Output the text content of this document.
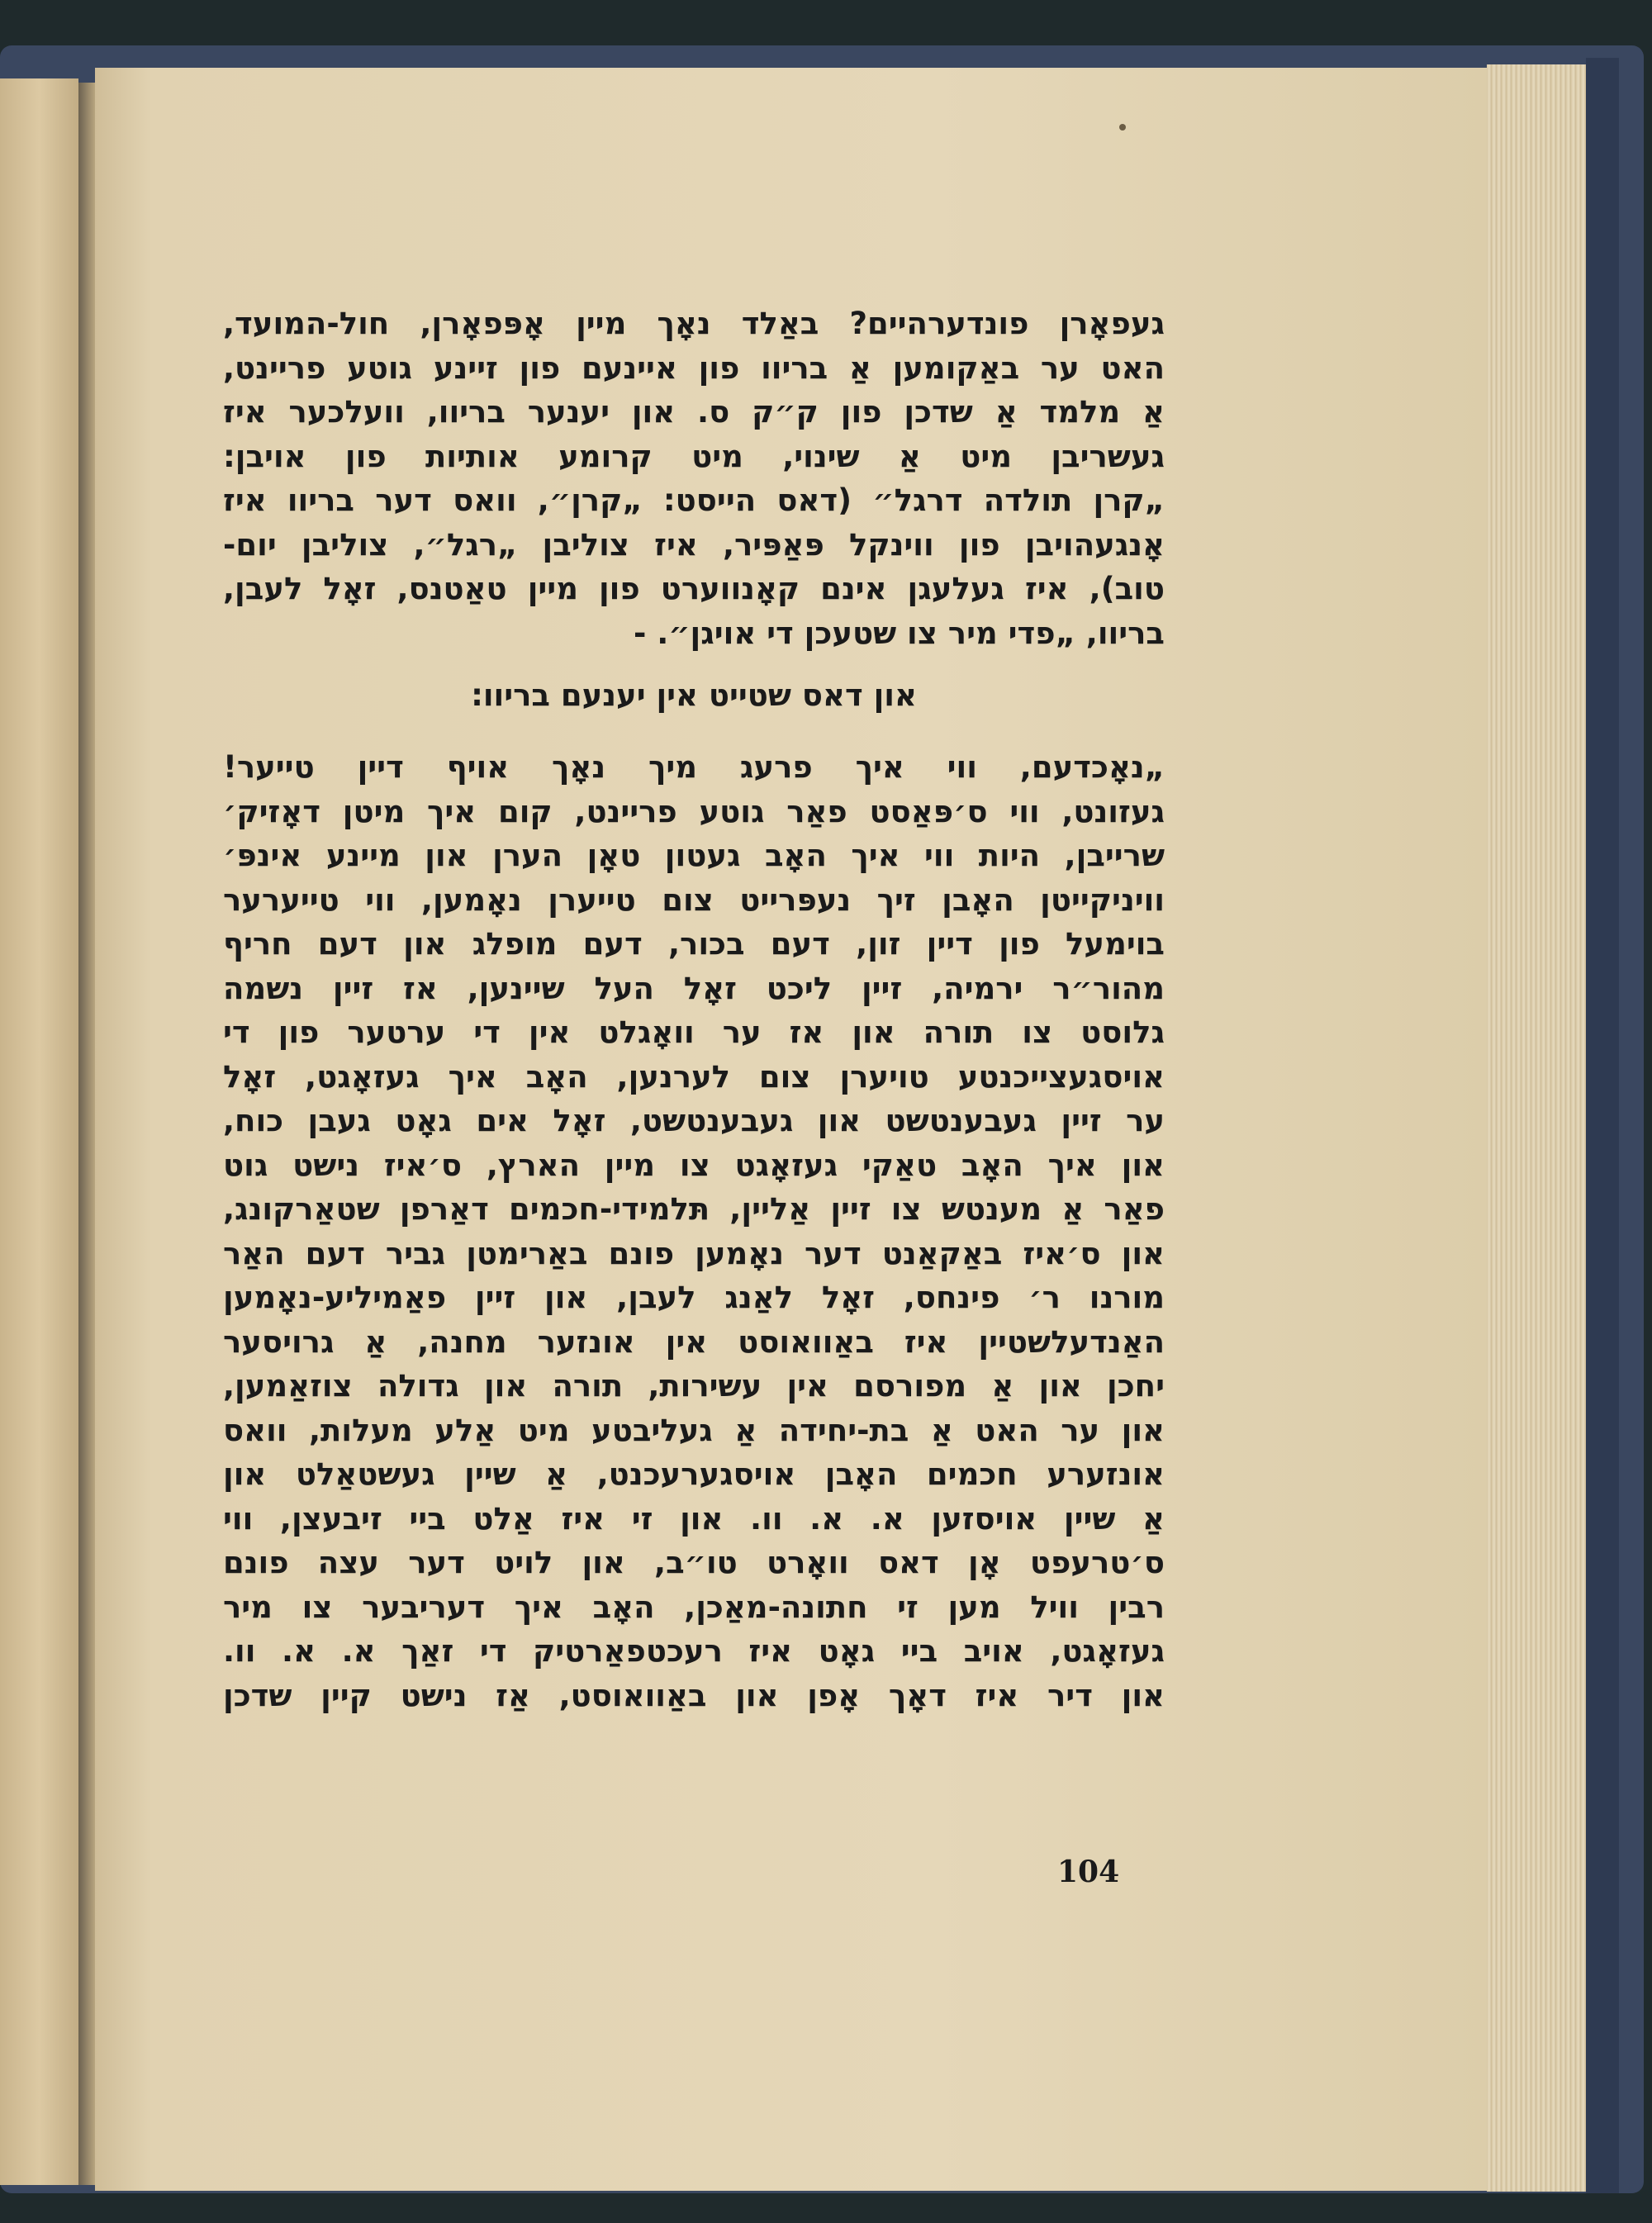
געפאָרן פונדערהיים? באַלד נאָך מיין אָפּפאָרן, חול-המועד,
האט ער באַקומען אַ בריוו פון איינעם פון זיינע גוטע פריינט,
אַ מלמד אַ שדכן פון ק״ק ס. און יענער בריוו, וועלכער איז
געשריבן מיט אַ שינוי, מיט קרומע אותיות פון אויבן:
„קרן תולדה דרגל״ (דאס הייסט: „קרן״, וואס דער בריוו איז
אָנגעהויבן פון ווינקל פּאַפּיר, איז צוליבן „רגל״, צוליבן יום-
טוב), איז געלעגן אינם קאָנווערט פון מיין טאַטנס, זאָל לעבן,
בריוו, „פדי מיר צו שטעכן די אויגן״. -
און דאס שטייט אין יענעם בריוו:
„נאָכדעם, ווי איך פרעג מיך נאָך אויף דיין טייער!
געזונט, ווי ס׳פּאַסט פאַר גוטע פריינט, קום איך מיטן דאָזיק׳
שרייבן, היות ווי איך האָב געטון טאָן הערן און מיינע אינפּ׳
וויניקייטן האָבן זיך נעפּרייט צום טייערן נאָמען, ווי טייערער
בוימעל פון דיין זון, דעם בכור, דעם מופלג און דעם חריף
מהור״ר ירמיה, זיין ליכט זאָל העל שיינען, אז זיין נשמה
גלוסט צו תורה און אז ער וואָגלט אין די ערטער פון די
אויסגעצייכנטע טויערן צום לערנען, האָב איך געזאָגט, זאָל
ער זיין געבענטשט און געבענטשט, זאָל אים גאָט געבן כוח,
און איך האָב טאַקי געזאָגט צו מיין הארץ, ס׳איז נישט גוט
פאַר אַ מענטש צו זיין אַליין, תּלמידי-חכמים דאַרפן שטאַרקונג,
און ס׳איז באַקאַנט דער נאָמען פונם באַרימטן גביר דעם האַר
מורנו ר׳ פינחס, זאָל לאַנג לעבן, און זיין פאַמיליע-נאָמען
האַנדעלשטיין איז באַוואוסט אין אונזער מחנה, אַ גרויסער
יחכן און אַ מפורסם אין עשירות, תורה און גדולה צוזאַמען,
און ער האט אַ בת-יחידה אַ געליבטע מיט אַלע מעלות, וואס
אונזערע חכמים האָבן אויסגערעכנט, אַ שיין געשטאַלט און
אַ שיין אויסזען א. א. וו. און זי איז אַלט ביי זיבעצן, ווי
ס׳טרעפט אָן דאס וואָרט טו״ב, און לויט דער עצה פונם
רבין וויל מען זי חתונה-מאַכן, האָב איך דעריבער צו מיר
געזאָגט, אויב ביי גאָט איז רעכטפאַרטיק די זאַך א. א. וו.
און דיר איז דאָך אָפן און באַוואוסט, אַז נישט קיין שדכן
104
